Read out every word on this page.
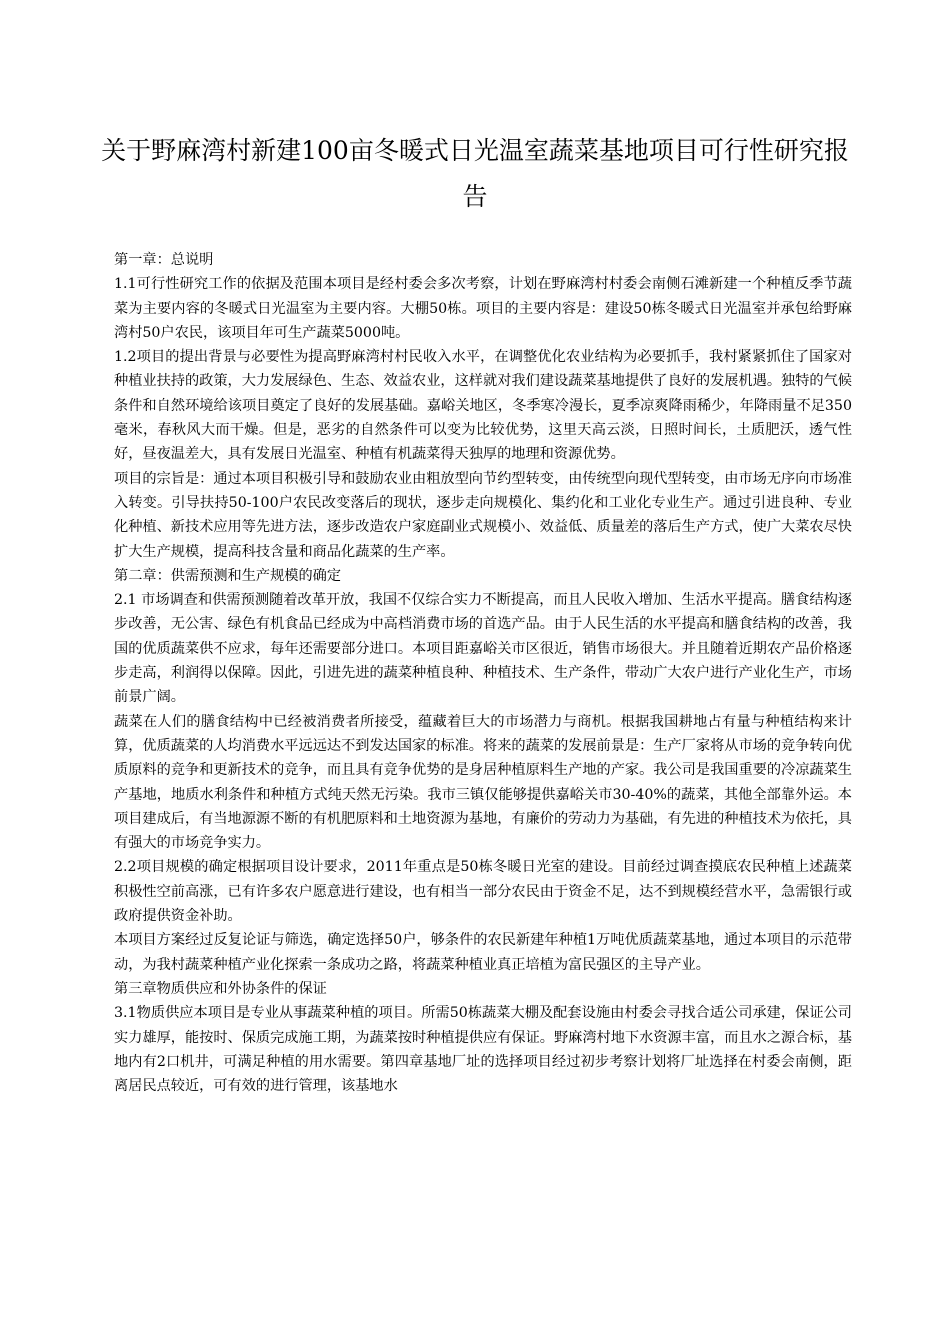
关于野麻湾村新建100亩冬暖式日光温室蔬菜基地项目可行性研究报告

第一章：总说明

1.1可行性研究工作的依据及范围本项目是经村委会多次考察，计划在野麻湾村村委会南侧石滩新建一个种植反季节蔬菜为主要内容的冬暖式日光温室为主要内容。大棚50栋。项目的主要内容是：建设50栋冬暖式日光温室并承包给野麻湾村50户农民，该项目年可生产蔬菜5000吨。

1.2项目的提出背景与必要性为提高野麻湾村村民收入水平，在调整优化农业结构为必要抓手，我村紧紧抓住了国家对种植业扶持的政策，大力发展绿色、生态、效益农业，这样就对我们建设蔬菜基地提供了良好的发展机遇。独特的气候条件和自然环境给该项目奠定了良好的发展基础。嘉峪关地区，冬季寒冷漫长，夏季凉爽降雨稀少，年降雨量不足350毫米，春秋风大而干燥。但是，恶劣的自然条件可以变为比较优势，这里天高云淡，日照时间长，土质肥沃，透气性好，昼夜温差大，具有发展日光温室、种植有机蔬菜得天独厚的地理和资源优势。

项目的宗旨是：通过本项目积极引导和鼓励农业由粗放型向节约型转变，由传统型向现代型转变，由市场无序向市场准入转变。引导扶持50-100户农民改变落后的现状，逐步走向规模化、集约化和工业化专业生产。通过引进良种、专业化种植、新技术应用等先进方法，逐步改造农户家庭副业式规模小、效益低、质量差的落后生产方式，使广大菜农尽快扩大生产规模，提高科技含量和商品化蔬菜的生产率。

第二章：供需预测和生产规模的确定

2.1 市场调查和供需预测随着改革开放，我国不仅综合实力不断提高，而且人民收入增加、生活水平提高。膳食结构逐步改善，无公害、绿色有机食品已经成为中高档消费市场的首选产品。由于人民生活的水平提高和膳食结构的改善，我国的优质蔬菜供不应求，每年还需要部分进口。本项目距嘉峪关市区很近，销售市场很大。并且随着近期农产品价格逐步走高，利润得以保障。因此，引进先进的蔬菜种植良种、种植技术、生产条件，带动广大农户进行产业化生产，市场前景广阔。

蔬菜在人们的膳食结构中已经被消费者所接受，蕴藏着巨大的市场潜力与商机。根据我国耕地占有量与种植结构来计算，优质蔬菜的人均消费水平远远达不到发达国家的标准。将来的蔬菜的发展前景是：生产厂家将从市场的竞争转向优质原料的竞争和更新技术的竞争，而且具有竞争优势的是身居种植原料生产地的产家。我公司是我国重要的冷凉蔬菜生产基地，地质水利条件和种植方式纯天然无污染。我市三镇仅能够提供嘉峪关市30-40%的蔬菜，其他全部靠外运。本项目建成后，有当地源源不断的有机肥原料和土地资源为基地，有廉价的劳动力为基础，有先进的种植技术为依托，具有强大的市场竞争实力。

2.2项目规模的确定根据项目设计要求，2011年重点是50栋冬暖日光室的建设。目前经过调查摸底农民种植上述蔬菜积极性空前高涨，已有许多农户愿意进行建设，也有相当一部分农民由于资金不足，达不到规模经营水平，急需银行或政府提供资金补助。

本项目方案经过反复论证与筛选，确定选择50户，够条件的农民新建年种植1万吨优质蔬菜基地，通过本项目的示范带动，为我村蔬菜种植产业化探索一条成功之路，将蔬菜种植业真正培植为富民强区的主导产业。

第三章物质供应和外协条件的保证

3.1物质供应本项目是专业从事蔬菜种植的项目。所需50栋蔬菜大棚及配套设施由村委会寻找合适公司承建，保证公司实力雄厚，能按时、保质完成施工期，为蔬菜按时种植提供应有保证。野麻湾村地下水资源丰富，而且水之源合标，基地内有2口机井，可满足种植的用水需要。第四章基地厂址的选择项目经过初步考察计划将厂址选择在村委会南侧，距离居民点较近，可有效的进行管理，该基地水
